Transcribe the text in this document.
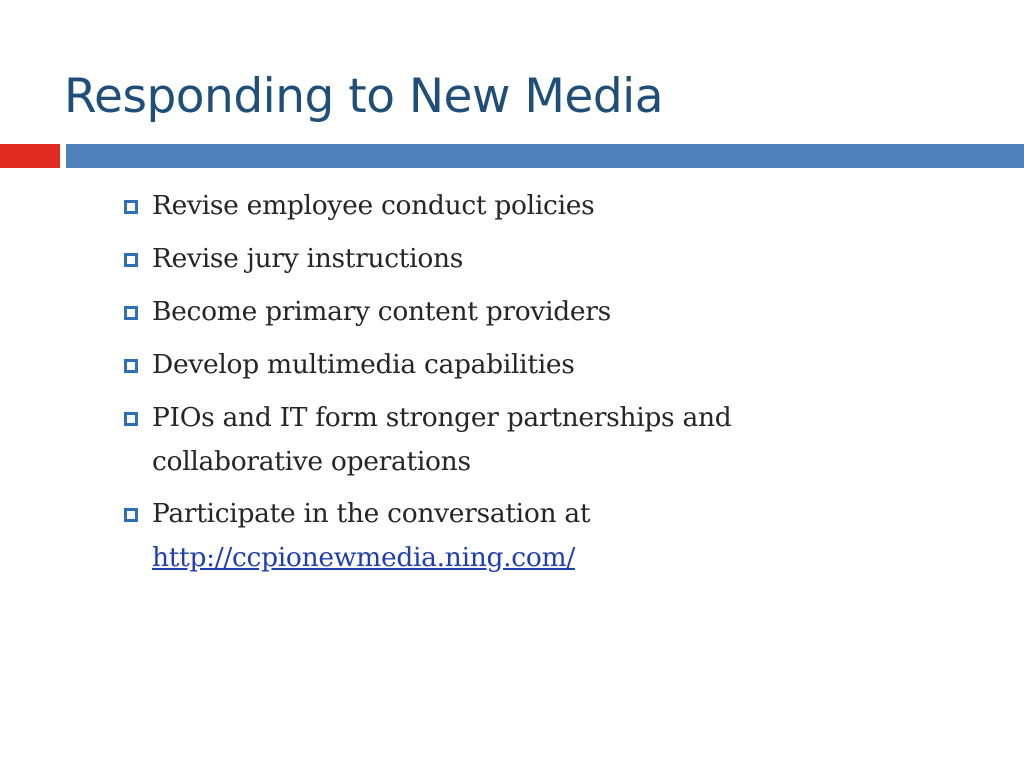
Responding to New Media
Revise employee conduct policies
Revise jury instructions
Become primary content providers
Develop multimedia capabilities
PIOs and IT form stronger partnerships and collaborative operations
Participate in the conversation at
http://ccpionewmedia.ning.com/
